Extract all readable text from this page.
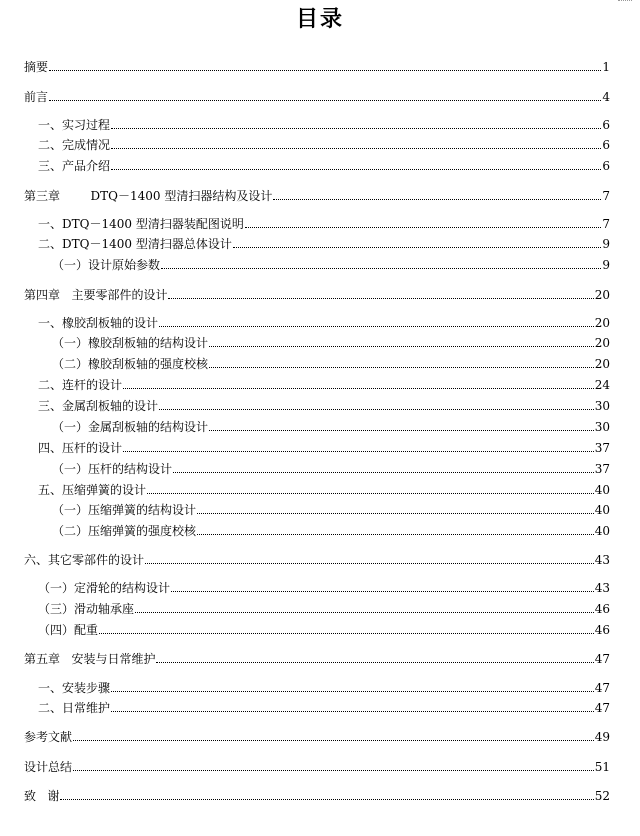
目录
摘要	1
前言	4
一、实习过程	6
二、完成情况	6
三、产品介绍	6
第三章        DTQ－1400 型清扫器结构及设计	7
一、DTQ－1400 型清扫器装配图说明	7
二、DTQ－1400 型清扫器总体设计	9
（一）设计原始参数	9
第四章   主要零部件的设计	20
一、橡胶刮板轴的设计	20
（一）橡胶刮板轴的结构设计	20
（二）橡胶刮板轴的强度校核	20
二、连杆的设计	24
三、金属刮板轴的设计	30
（一）金属刮板轴的结构设计	30
四、压杆的设计	37
（一）压杆的结构设计	37
五、压缩弹簧的设计	40
（一）压缩弹簧的结构设计	40
（二）压缩弹簧的强度校核	40
六、其它零部件的设计	43
（一）定滑轮的结构设计	43
（三）滑动轴承座	46
（四）配重	46
第五章   安装与日常维护	47
一、安装步骤	47
二、日常维护	47
参考文献	49
设计总结	51
致   谢	52
